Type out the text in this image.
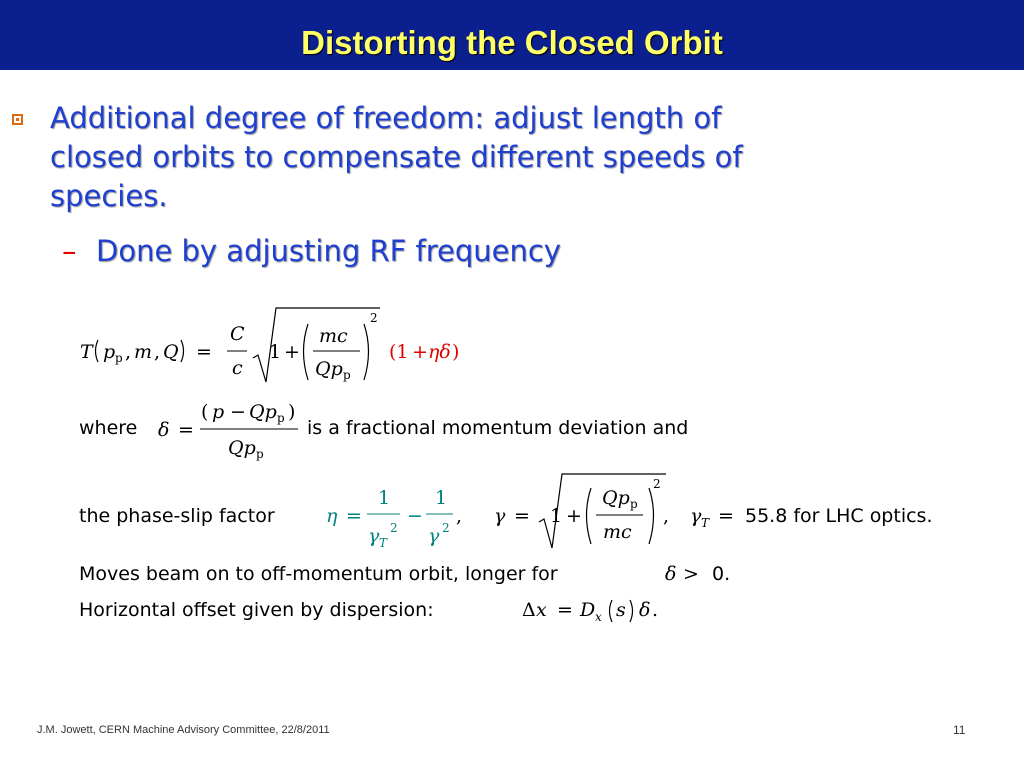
Distorting the Closed Orbit
Additional degree of freedom: adjust length of
closed orbits to compensate different speeds of
species.
– Done by adjusting RF frequency
T p p , m , Q =
C
c
1 +
mc
Qp p
2
(1 + ηδ )
where δ =
( p − Qp p )
Qp p
is a fractional momentum deviation and
the phase-slip factor	η =
1
γ T
2
−
1
γ 2
, γ = 1 +
Qp p
mc
2
, γ T = 55.8 for LHC optics.
Moves beam on to off-momentum orbit, longer for	δ > 0.
Horizontal offset given by dispersion:	Δ x = D x s δ .
J.M. Jowett, CERN Machine Advisory Committee, 22/8/2011	11
